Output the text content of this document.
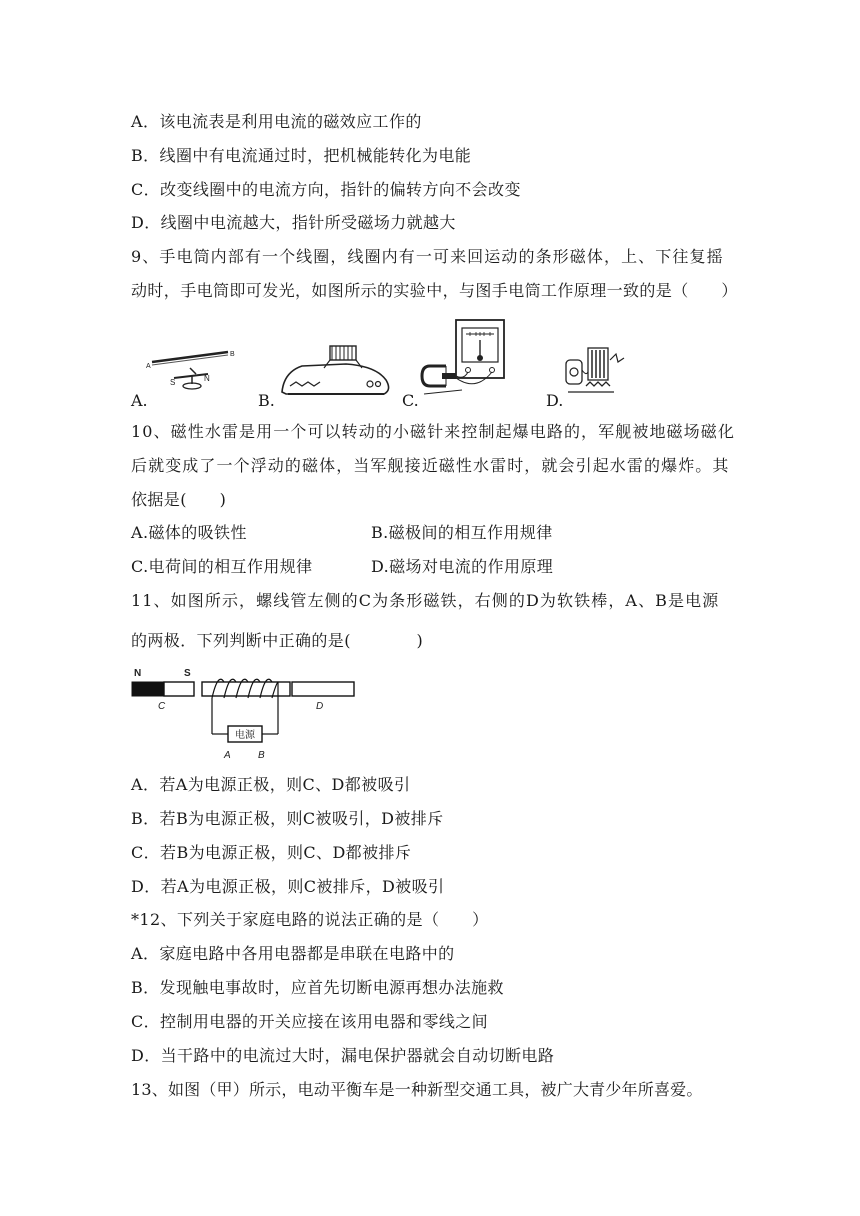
A．该电流表是利用电流的磁效应工作的
B．线圈中有电流通过时，把机械能转化为电能
C．改变线圈中的电流方向，指针的偏转方向不会改变
D．线圈中电流越大，指针所受磁场力就越大
9、手电筒内部有一个线圈，线圈内有一可来回运动的条形磁体，上、下往复摇
动时，手电筒即可发光，如图所示的实验中，与图手电筒工作原理一致的是（　　）
A.
A
B
S	N
B.	C.	D.
10、磁性水雷是用一个可以转动的小磁针来控制起爆电路的，军舰被地磁场磁化
后就变成了一个浮动的磁体，当军舰接近磁性水雷时，就会引起水雷的爆炸。其
依据是(　　)
A.磁体的吸铁性	B.磁极间的相互作用规律
C.电荷间的相互作用规律	D.磁场对电流的作用原理
11、如图所示，螺线管左侧的C为条形磁铁，右侧的D为软铁棒，A、B是电源
的两极．下列判断中正确的是(　　　　)
N	S
C
电源
A	B
D
A．若A为电源正极，则C、D都被吸引
B．若B为电源正极，则C被吸引，D被排斥
C．若B为电源正极，则C、D都被排斥
D．若A为电源正极，则C被排斥，D被吸引
*12、下列关于家庭电路的说法正确的是（　　）
A．家庭电路中各用电器都是串联在电路中的
B．发现触电事故时，应首先切断电源再想办法施救
C．控制用电器的开关应接在该用电器和零线之间
D．当干路中的电流过大时，漏电保护器就会自动切断电路
13、如图（甲）所示，电动平衡车是一种新型交通工具，被广大青少年所喜爱。
